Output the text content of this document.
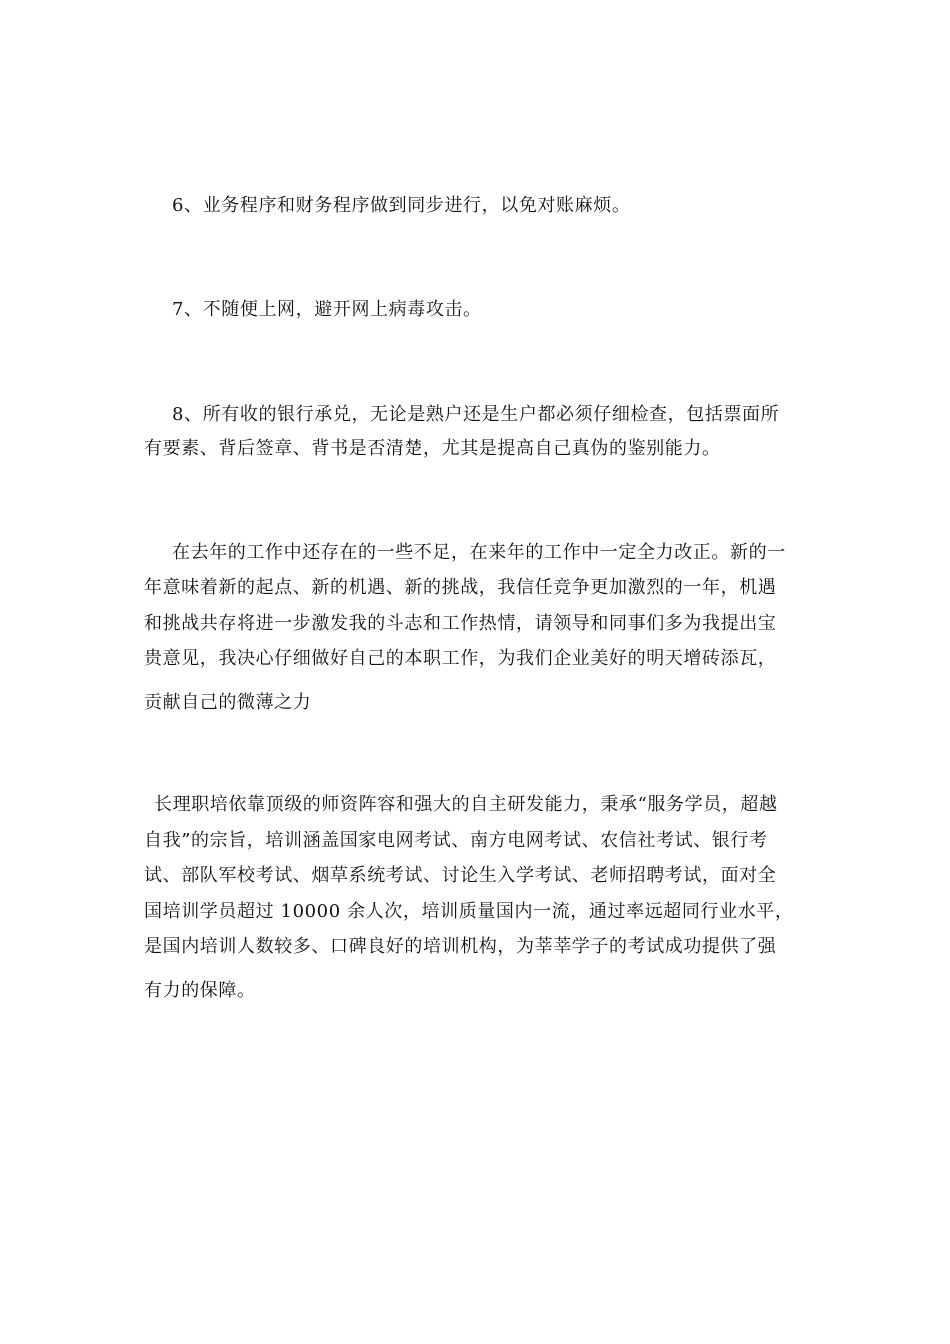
6、业务程序和财务程序做到同步进行，以免对账麻烦。
7、不随便上网，避开网上病毒攻击。
8、所有收的银行承兑，无论是熟户还是生户都必须仔细检查，包括票面所
有要素、背后签章、背书是否清楚，尤其是提高自己真伪的鉴别能力。
在去年的工作中还存在的一些不足，在来年的工作中一定全力改正。新的一
年意味着新的起点、新的机遇、新的挑战，我信任竞争更加激烈的一年，机遇
和挑战共存将进一步激发我的斗志和工作热情，请领导和同事们多为我提出宝
贵意见，我决心仔细做好自己的本职工作，为我们企业美好的明天增砖添瓦，
贡献自己的微薄之力
长理职培依靠顶级的师资阵容和强大的自主研发能力，秉承“服务学员，超越
自我”的宗旨，培训涵盖国家电网考试、南方电网考试、农信社考试、银行考
试、部队军校考试、烟草系统考试、讨论生入学考试、老师招聘考试，面对全
国培训学员超过 10000 余人次，培训质量国内一流，通过率远超同行业水平，
是国内培训人数较多、口碑良好的培训机构，为莘莘学子的考试成功提供了强
有力的保障。
